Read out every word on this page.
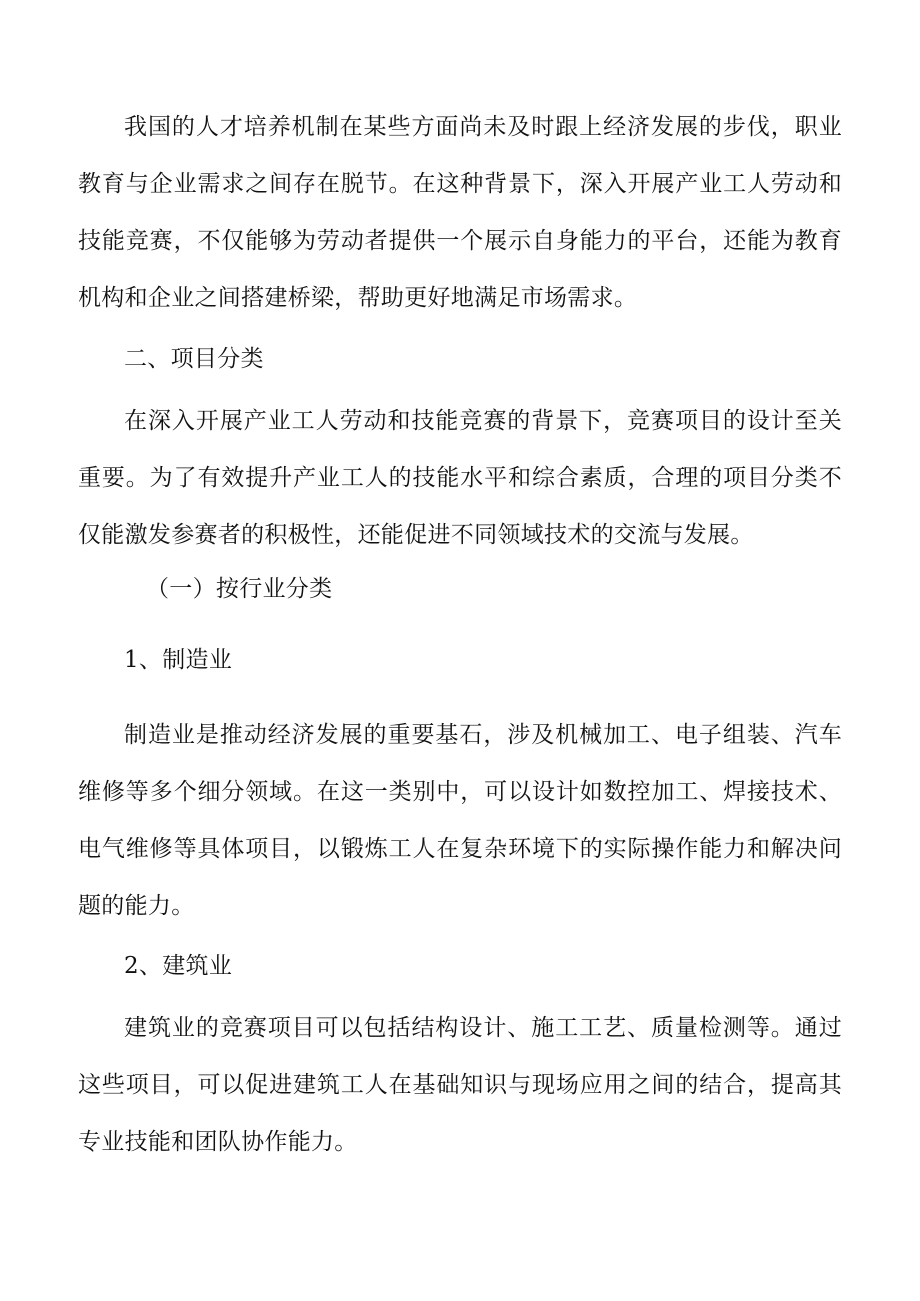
我国的人才培养机制在某些方面尚未及时跟上经济发展的步伐，职业教育与企业需求之间存在脱节。在这种背景下，深入开展产业工人劳动和技能竞赛，不仅能够为劳动者提供一个展示自身能力的平台，还能为教育机构和企业之间搭建桥梁，帮助更好地满足市场需求。

二、项目分类

在深入开展产业工人劳动和技能竞赛的背景下，竞赛项目的设计至关重要。为了有效提升产业工人的技能水平和综合素质，合理的项目分类不仅能激发参赛者的积极性，还能促进不同领域技术的交流与发展。

（一）按行业分类

1、制造业

制造业是推动经济发展的重要基石，涉及机械加工、电子组装、汽车维修等多个细分领域。在这一类别中，可以设计如数控加工、焊接技术、电气维修等具体项目，以锻炼工人在复杂环境下的实际操作能力和解决问题的能力。

2、建筑业

建筑业的竞赛项目可以包括结构设计、施工工艺、质量检测等。通过这些项目，可以促进建筑工人在基础知识与现场应用之间的结合，提高其专业技能和团队协作能力。
